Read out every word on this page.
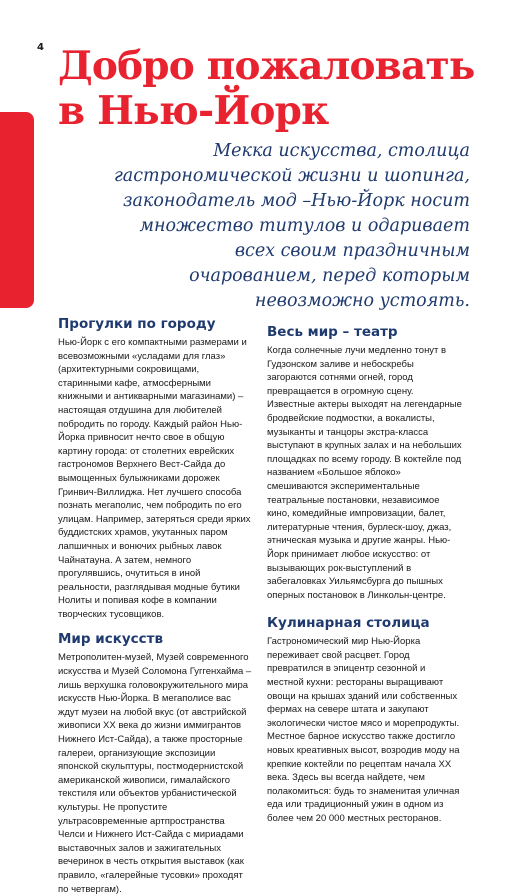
4 Добро пожаловать
в Нью-Йорк
Мекка искусства, столица гастрономической жизни и шопинга, законодатель мод –Нью-Йорк носит множество титулов и одаривает всех своим праздничным очарованием, перед которым невозможно устоять.
Прогулки по городу

Нью-Йорк с его компактными размерами и всевозможными «усладами для глаз» (архитектурными сокровищами, старинными кафе, атмосферными книжными и антикварными магазинами) – настоящая отдушина для любителей побродить по городу. Каждый район Нью-Йорка привносит нечто свое в общую картину города: от столетних еврейских гастрономов Верхнего Вест-Сайда до вымощенных булыжниками дорожек Гринвич-Виллиджа. Нет лучшего способа познать мегаполис, чем побродить по его улицам. Например, затеряться среди ярких буддистских храмов, укутанных паром лапшичных и вонючих рыбных лавок Чайнатауна. А затем, немного прогулявшись, очутиться в иной реальности, разглядывая модные бутики Нолиты и попивая кофе в компании творческих тусовщиков.

Мир искусств

Метрополитен-музей, Музей современного искусства и Музей Соломона Гуггенхайма – лишь верхушка головокружительного мира искусств Нью-Йорка. В мегаполисе вас ждут музеи на любой вкус (от австрийской живописи XX века до жизни иммигрантов Нижнего Ист-Сайда), а также просторные галереи, организующие экспозиции японской скульптуры, постмодернистской американской живописи, гималайского текстиля или объектов урбанистической культуры. Не пропустите ультрасовременные артпространства Челси и Нижнего Ист-Сайда с мириадами выставочных залов и зажигательных вечеринок в честь открытия выставок (как правило, «галерейные тусовки» проходят по четвергам).

Весь мир – театр

Когда солнечные лучи медленно тонут в Гудзонском заливе и небоскребы загораются сотнями огней, город превращается в огромную сцену. Известные актеры выходят на легендарные бродвейские подмостки, а вокалисты, музыканты и танцоры экстра-класса выступают в крупных залах и на небольших площадках по всему городу. В коктейле под названием «Большое яблоко» смешиваются экспериментальные театральные постановки, независимое кино, комедийные импровизации, балет, литературные чтения, бурлеск-шоу, джаз, этническая музыка и другие жанры. Нью-Йорк принимает любое искусство: от вызывающих рок-выступлений в забегаловках Уильямсбурга до пышных оперных постановок в Линкольн-центре.

Кулинарная столица

Гастрономический мир Нью-Йорка переживает свой расцвет. Город превратился в эпицентр сезонной и местной кухни: рестораны выращивают овощи на крышах зданий или собственных фермах на севере штата и закупают экологически чистое мясо и морепродукты. Местное барное искусство также достигло новых креативных высот, возродив моду на крепкие коктейли по рецептам начала XX века. Здесь вы всегда найдете, чем полакомиться: будь то знаменитая уличная еда или традиционный ужин в одном из более чем 20 000 местных ресторанов.
